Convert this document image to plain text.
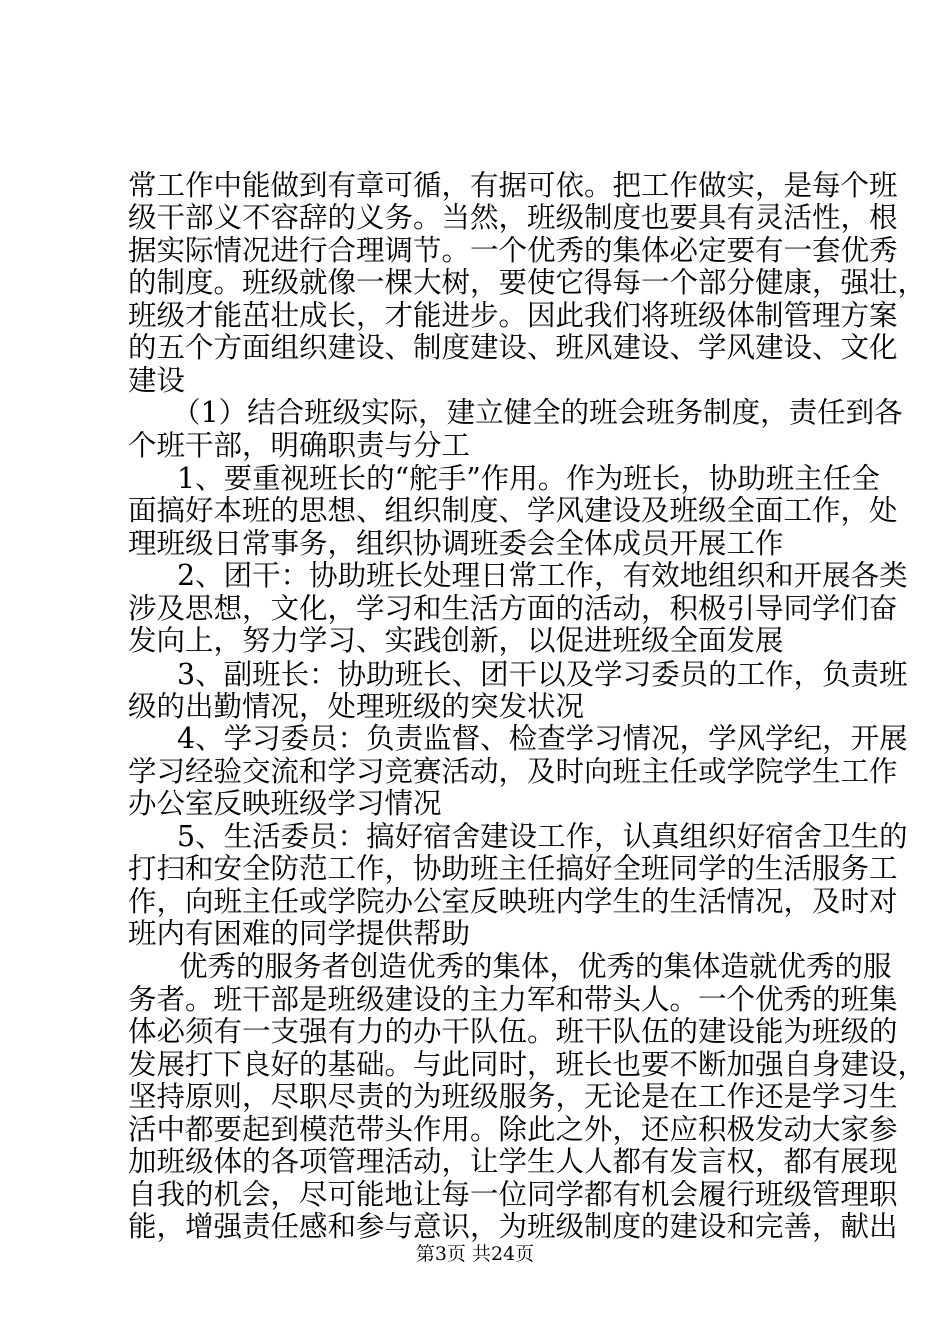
常工作中能做到有章可循，有据可依。把工作做实，是每个班
级干部义不容辞的义务。当然，班级制度也要具有灵活性，根
据实际情况进行合理调节。一个优秀的集体必定要有一套优秀
的制度。班级就像一棵大树，要使它得每一个部分健康，强壮，
班级才能茁壮成长，才能进步。因此我们将班级体制管理方案
的五个方面组织建设、制度建设、班风建设、学风建设、文化
建设
（1）结合班级实际，建立健全的班会班务制度，责任到各
个班干部，明确职责与分工
1、要重视班长的“舵手”作用。作为班长，协助班主任全
面搞好本班的思想、组织制度、学风建设及班级全面工作，处
理班级日常事务，组织协调班委会全体成员开展工作
2、团干：协助班长处理日常工作，有效地组织和开展各类
涉及思想，文化，学习和生活方面的活动，积极引导同学们奋
发向上，努力学习、实践创新，以促进班级全面发展
3、副班长：协助班长、团干以及学习委员的工作，负责班
级的出勤情况，处理班级的突发状况
4、学习委员：负责监督、检查学习情况，学风学纪，开展
学习经验交流和学习竞赛活动，及时向班主任或学院学生工作
办公室反映班级学习情况
5、生活委员：搞好宿舍建设工作，认真组织好宿舍卫生的
打扫和安全防范工作，协助班主任搞好全班同学的生活服务工
作，向班主任或学院办公室反映班内学生的生活情况，及时对
班内有困难的同学提供帮助
优秀的服务者创造优秀的集体，优秀的集体造就优秀的服
务者。班干部是班级建设的主力军和带头人。一个优秀的班集
体必须有一支强有力的办干队伍。班干队伍的建设能为班级的
发展打下良好的基础。与此同时，班长也要不断加强自身建设，
坚持原则，尽职尽责的为班级服务，无论是在工作还是学习生
活中都要起到模范带头作用。除此之外，还应积极发动大家参
加班级体的各项管理活动，让学生人人都有发言权，都有展现
自我的机会，尽可能地让每一位同学都有机会履行班级管理职
能，增强责任感和参与意识，为班级制度的建设和完善，献出
第3页 共24页
